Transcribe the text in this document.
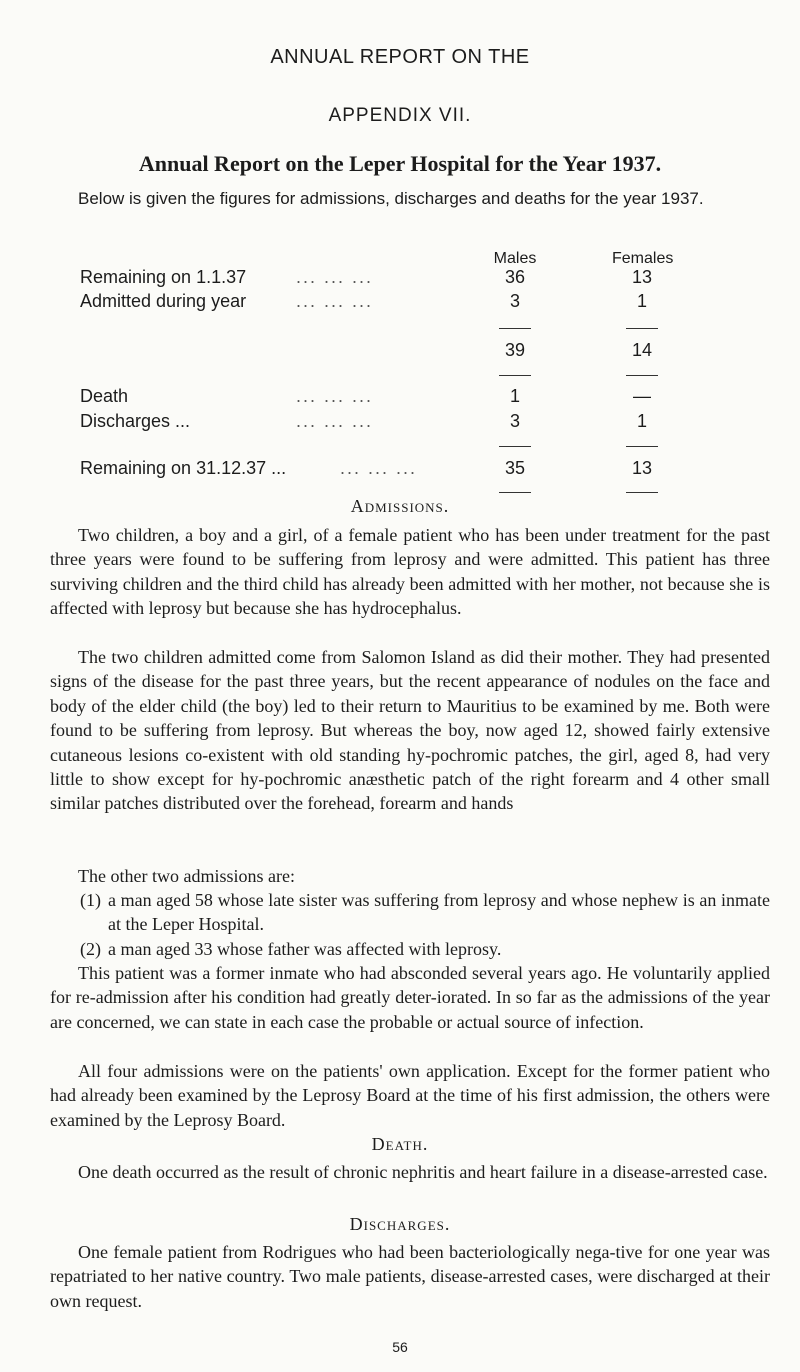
ANNUAL REPORT ON THE
APPENDIX VII.
Annual Report on the Leper Hospital for the Year 1937.
Below is given the figures for admissions, discharges and deaths for the year 1937.
Males	Females
Remaining on 1.1.37	... ... ...	36	13
Admitted during year	... ... ...	3	1
39	14
Death	... ... ...	1	—
Discharges ...	... ... ...	3	1
Remaining on 31.12.37 ...	... ... ...	35	13
Admissions.
Two children, a boy and a girl, of a female patient who has been under treatment for the past three years were found to be suffering from leprosy and were admitted. This patient has three surviving children and the third child has already been admitted with her mother, not because she is affected with leprosy but because she has hydrocephalus.
The two children admitted come from Salomon Island as did their mother. They had presented signs of the disease for the past three years, but the recent appearance of nodules on the face and body of the elder child (the boy) led to their return to Mauritius to be examined by me. Both were found to be suffering from leprosy. But whereas the boy, now aged 12, showed fairly extensive cutaneous lesions co-existent with old standing hy-pochromic patches, the girl, aged 8, had very little to show except for hy-pochromic anæsthetic patch of the right forearm and 4 other small similar patches distributed over the forehead, forearm and hands
The other two admissions are:
(1) a man aged 58 whose late sister was suffering from leprosy and whose nephew is an inmate at the Leper Hospital.
(2) a man aged 33 whose father was affected with leprosy.
This patient was a former inmate who had absconded several years ago. He voluntarily applied for re-admission after his condition had greatly deter-iorated. In so far as the admissions of the year are concerned, we can state in each case the probable or actual source of infection.
All four admissions were on the patients' own application. Except for the former patient who had already been examined by the Leprosy Board at the time of his first admission, the others were examined by the Leprosy Board.
Death.
One death occurred as the result of chronic nephritis and heart failure in a disease-arrested case.
Discharges.
One female patient from Rodrigues who had been bacteriologically nega-tive for one year was repatriated to her native country. Two male patients, disease-arrested cases, were discharged at their own request.
56
